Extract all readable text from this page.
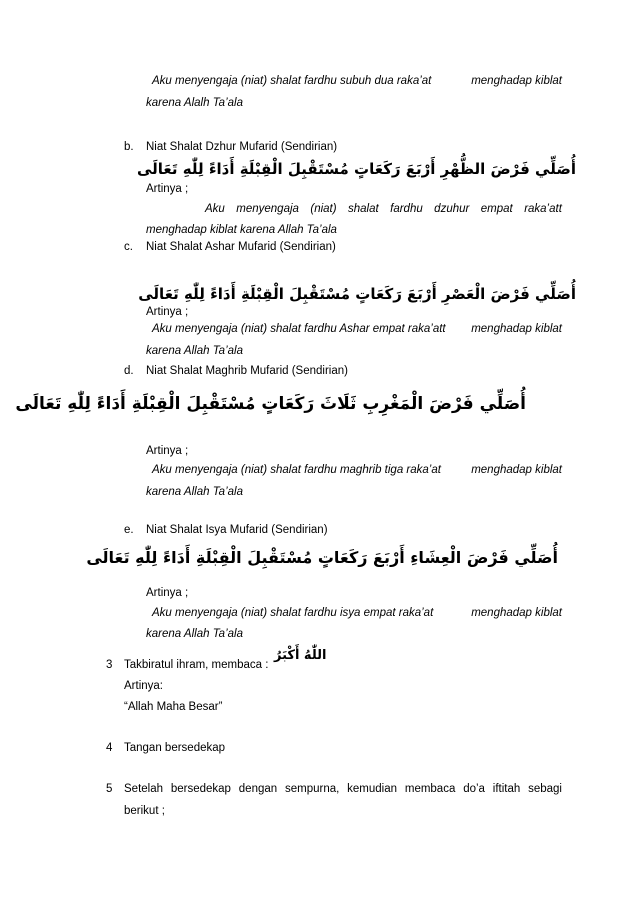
Aku menyengaja (niat) shalat fardhu subuh dua raka’at	menghadap kiblat
karena Alalh Ta’ala
b. Niat Shalat Dzhur Mufarid (Sendirian)
أُصَلِّي فَرْضَ الظُّهْرِ أَرْبَعَ رَكَعَاتٍ مُسْتَقْبِلَ الْقِبْلَةِ أَدَاءً لِلّٰهِ تَعَالَى
Artinya ;
Aku menyengaja (niat) shalat fardhu dzuhur empat raka’att
menghadap kiblat karena Allah Ta’ala
c. Niat Shalat Ashar Mufarid (Sendirian)
أُصَلِّي فَرْضَ الْعَصْرِ أَرْبَعَ رَكَعَاتٍ مُسْتَقْبِلَ الْقِبْلَةِ أَدَاءً لِلّٰهِ تَعَالَى
Artinya ;
Aku menyengaja (niat) shalat fardhu Ashar empat raka’att menghadap kiblat
karena Allah Ta’ala
d. Niat Shalat Maghrib Mufarid (Sendirian)
أُصَلِّي فَرْضَ الْمَغْرِبِ ثَلَاثَ رَكَعَاتٍ مُسْتَقْبِلَ الْقِبْلَةِ أَدَاءً لِلّٰهِ تَعَالَى
Artinya ;
Aku menyengaja (niat) shalat fardhu maghrib tiga raka’at	menghadap kiblat
karena Allah Ta’ala
e. Niat Shalat Isya Mufarid (Sendirian)
أُصَلِّي فَرْضَ الْعِشَاءِ أَرْبَعَ رَكَعَاتٍ مُسْتَقْبِلَ الْقِبْلَةِ أَدَاءً لِلّٰهِ تَعَالَى
Artinya ;
Aku menyengaja (niat) shalat fardhu isya empat raka’at	menghadap kiblat
karena Allah Ta’ala
3 Takbiratul ihram, membaca :
اللّٰهُ أَكْبَرُ
Artinya:
“Allah Maha Besar”
4 Tangan bersedekap
5 Setelah bersedekap dengan sempurna, kemudian membaca do’a iftitah sebagi
berikut ;
